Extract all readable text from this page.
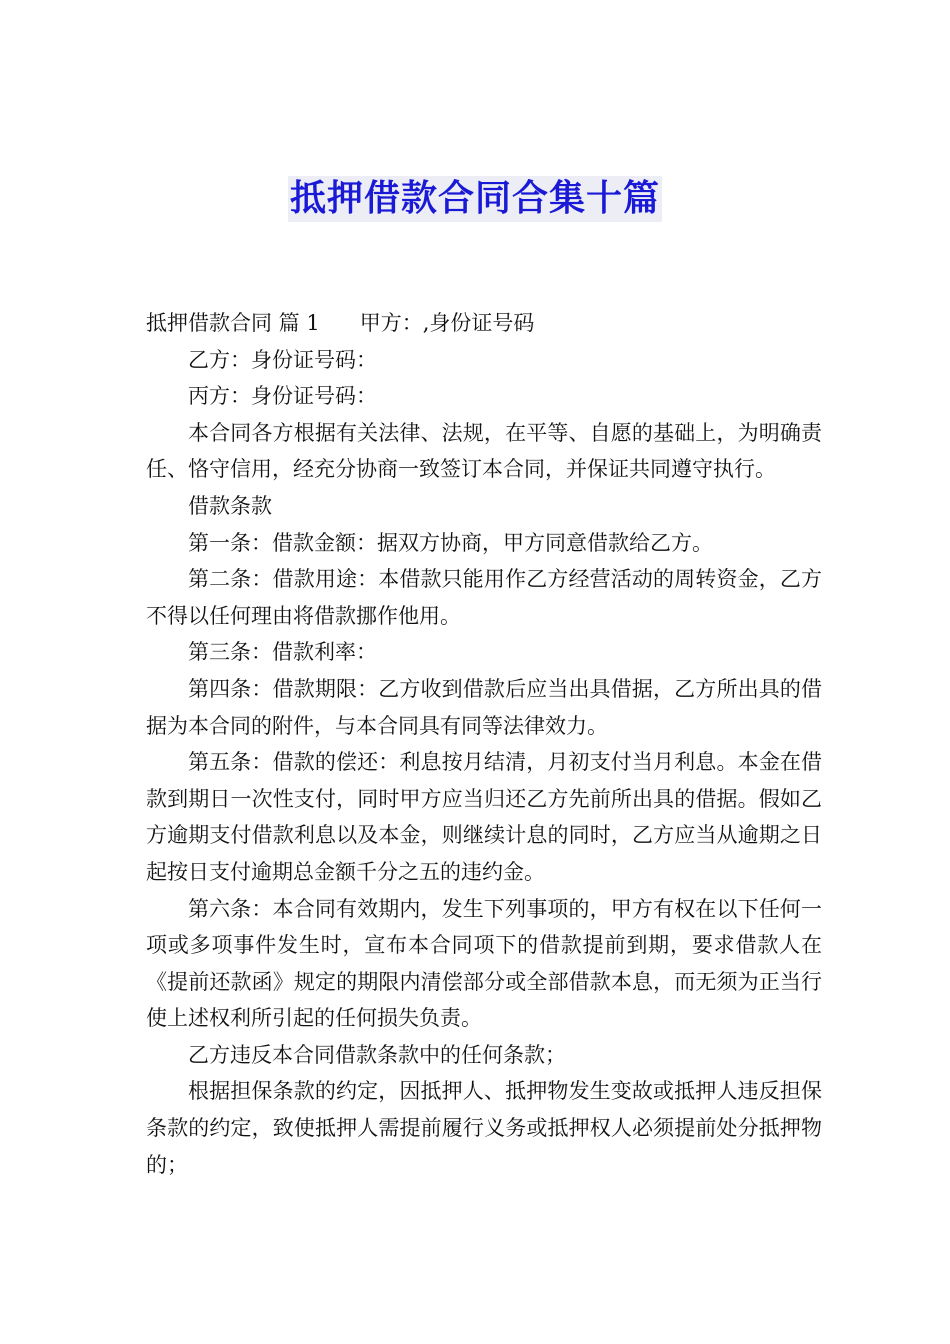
抵押借款合同合集十篇

抵押借款合同 篇 1 甲方：,身份证号码

乙方：身份证号码：

丙方：身份证号码：

本合同各方根据有关法律、法规，在平等、自愿的基础上，为明确责任、恪守信用，经充分协商一致签订本合同，并保证共同遵守执行。

借款条款

第一条：借款金额：据双方协商，甲方同意借款给乙方。

第二条：借款用途：本借款只能用作乙方经营活动的周转资金，乙方不得以任何理由将借款挪作他用。

第三条：借款利率：

第四条：借款期限：乙方收到借款后应当出具借据，乙方所出具的借据为本合同的附件，与本合同具有同等法律效力。

第五条：借款的偿还：利息按月结清，月初支付当月利息。本金在借款到期日一次性支付，同时甲方应当归还乙方先前所出具的借据。假如乙方逾期支付借款利息以及本金，则继续计息的同时，乙方应当从逾期之日起按日支付逾期总金额千分之五的违约金。

第六条：本合同有效期内，发生下列事项的，甲方有权在以下任何一项或多项事件发生时，宣布本合同项下的借款提前到期，要求借款人在《提前还款函》规定的期限内清偿部分或全部借款本息，而无须为正当行使上述权利所引起的任何损失负责。

乙方违反本合同借款条款中的任何条款；

根据担保条款的约定，因抵押人、抵押物发生变故或抵押人违反担保条款的约定，致使抵押人需提前履行义务或抵押权人必须提前处分抵押物的；
